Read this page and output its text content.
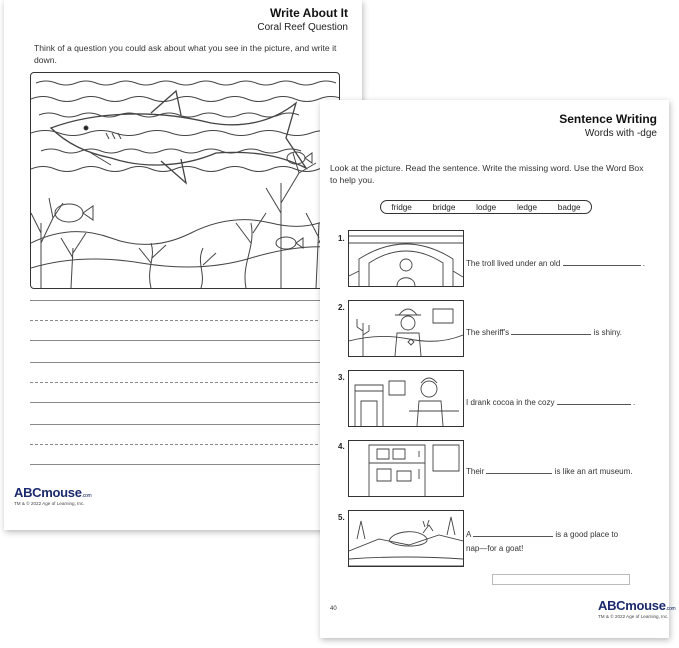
Write About It
Coral Reef Question
Think of a question you could ask about what you see in the picture, and write it down.
ABCmouse.com
TM & © 2022 Age of Learning, Inc.
Sentence Writing
Words with -dge
Look at the picture. Read the sentence. Write the missing word. Use the Word Box to help you.
fridge	bridge	lodge	ledge	badge
1.
The troll lived under an old	.
2.
The sheriff's	is shiny.
3.
I drank cocoa in the cozy	.
4.
Their	is like an art museum.
5.
A	is a good place to
nap—for a goat!
40	ABCmouse.com
TM & © 2022 Age of Learning, Inc.
